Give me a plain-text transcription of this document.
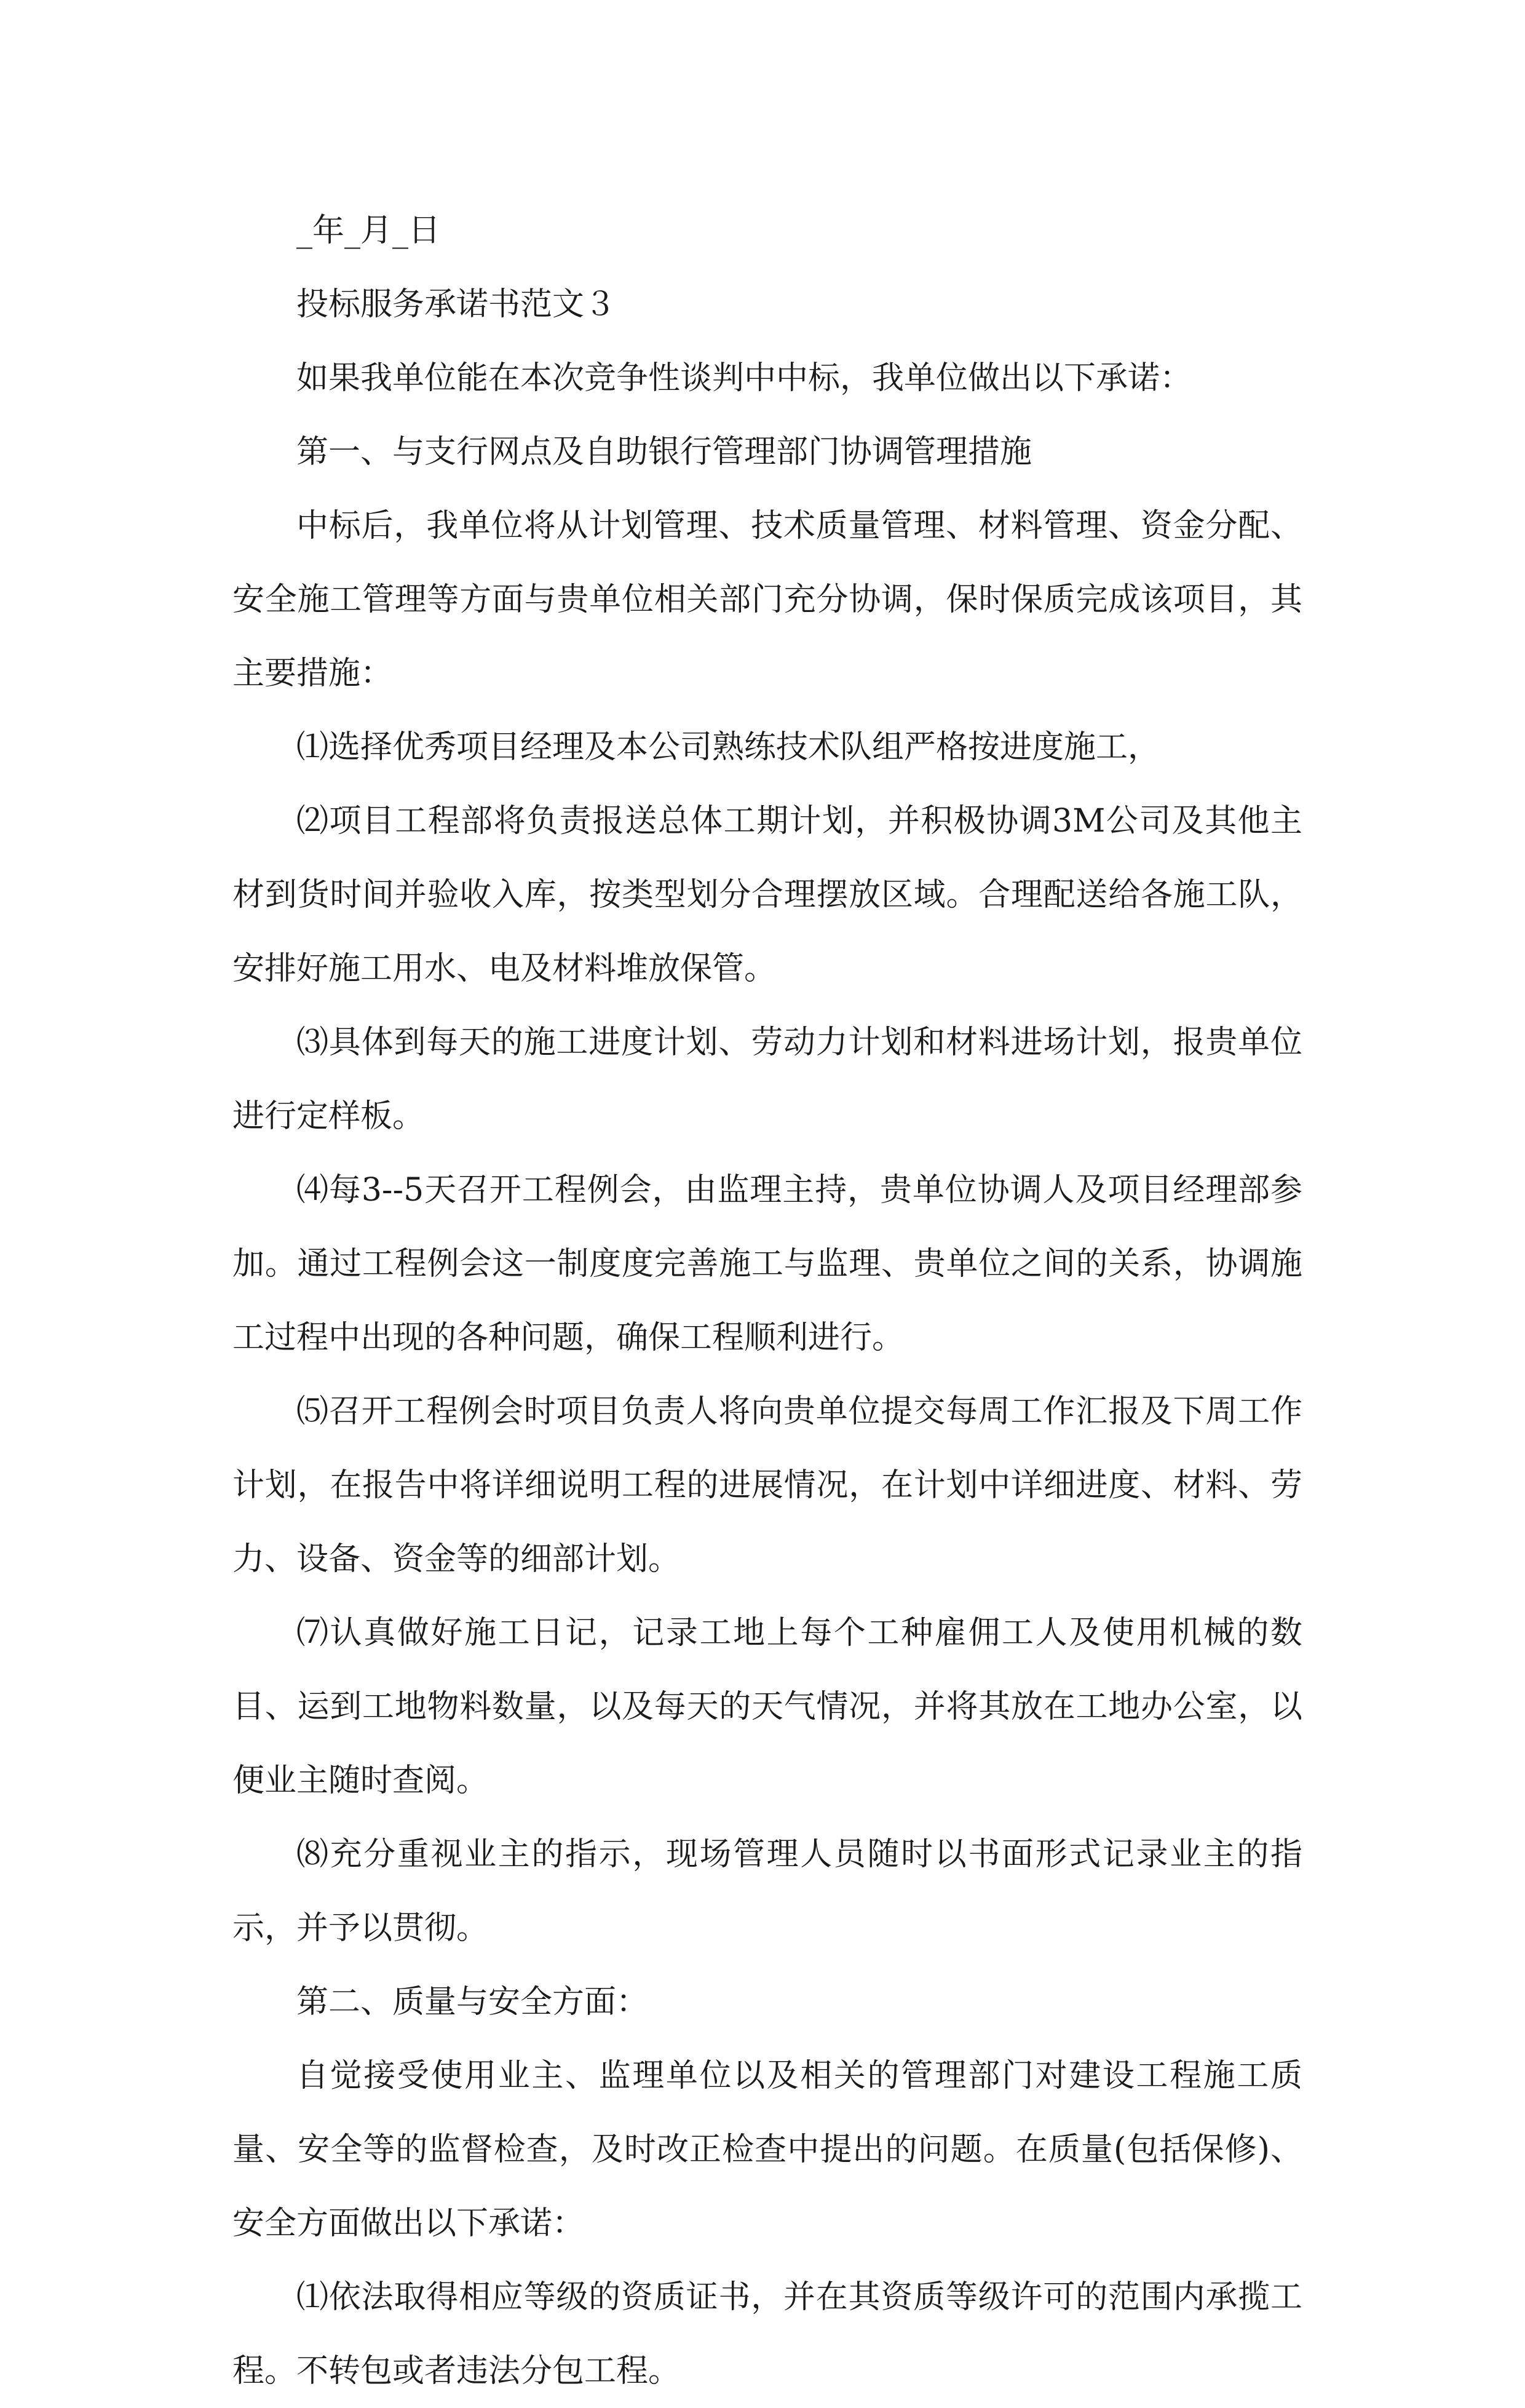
_年_月_日

投标服务承诺书范文３

如果我单位能在本次竞争性谈判中中标，我单位做出以下承诺：

第一、与支行网点及自助银行管理部门协调管理措施

中标后，我单位将从计划管理、技术质量管理、材料管理、资金分配、安全施工管理等方面与贵单位相关部门充分协调，保时保质完成该项目，其主要措施：

⑴选择优秀项目经理及本公司熟练技术队组严格按进度施工，

⑵项目工程部将负责报送总体工期计划，并积极协调3M公司及其他主材到货时间并验收入库，按类型划分合理摆放区域。合理配送给各施工队，安排好施工用水、电及材料堆放保管。

⑶具体到每天的施工进度计划、劳动力计划和材料进场计划，报贵单位进行定样板。

⑷每3--5天召开工程例会，由监理主持，贵单位协调人及项目经理部参加。通过工程例会这一制度度完善施工与监理、贵单位之间的关系，协调施工过程中出现的各种问题，确保工程顺利进行。

⑸召开工程例会时项目负责人将向贵单位提交每周工作汇报及下周工作计划，在报告中将详细说明工程的进展情况，在计划中详细进度、材料、劳力、设备、资金等的细部计划。

⑺认真做好施工日记，记录工地上每个工种雇佣工人及使用机械的数目、运到工地物料数量，以及每天的天气情况，并将其放在工地办公室，以便业主随时查阅。

⑻充分重视业主的指示，现场管理人员随时以书面形式记录业主的指示，并予以贯彻。

第二、质量与安全方面：

自觉接受使用业主、监理单位以及相关的管理部门对建设工程施工质量、安全等的监督检查，及时改正检查中提出的问题。在质量(包括保修)、安全方面做出以下承诺：

⑴依法取得相应等级的资质证书，并在其资质等级许可的范围内承揽工程。不转包或者违法分包工程。
